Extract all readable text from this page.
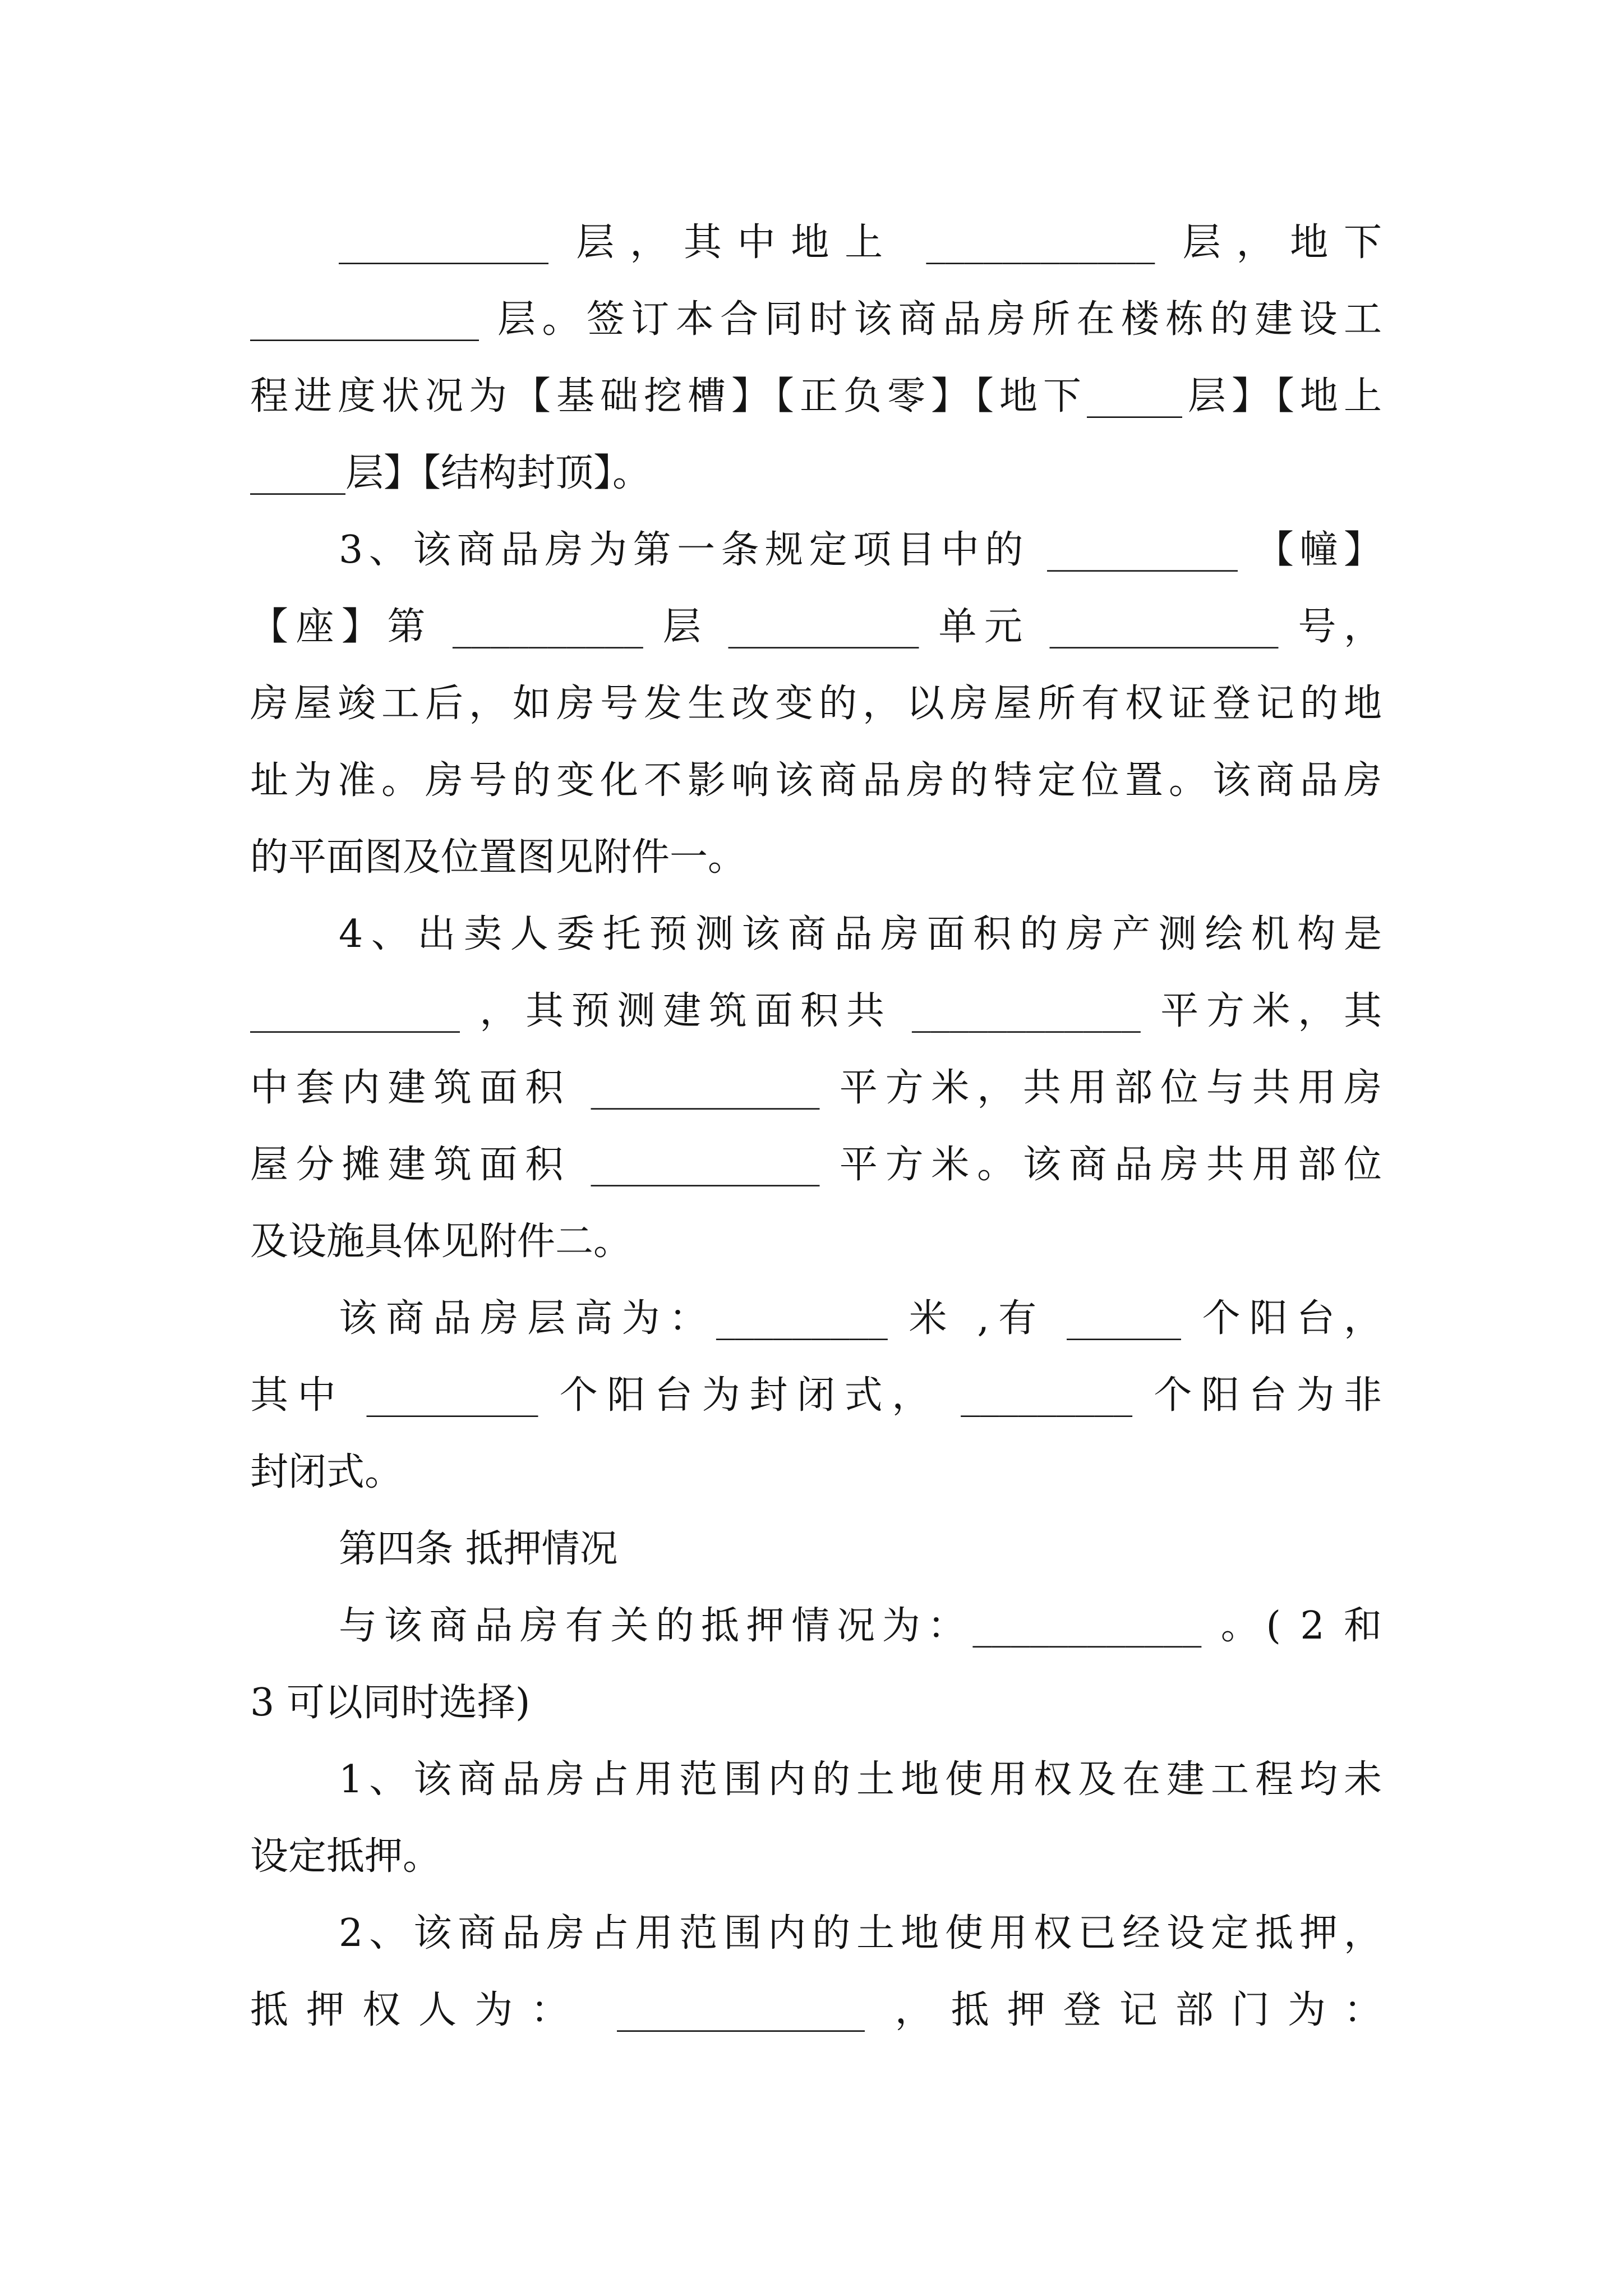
___________ 层，其中地上 ____________ 层，地下
____________ 层。签订本合同时该商品房所在楼栋的建设工
程进度状况为【基础挖槽】【正负零】【地下_____层】【地上
_____层】【结构封顶】。
3、该商品房为第一条规定项目中的 __________ 【幢】
【座】第 __________ 层 __________ 单元 ____________ 号，
房屋竣工后，如房号发生改变的，以房屋所有权证登记的地
址为准。房号的变化不影响该商品房的特定位置。该商品房
的平面图及位置图见附件一。
4、出卖人委托预测该商品房面积的房产测绘机构是
___________ ，其预测建筑面积共 ____________ 平方米，其
中套内建筑面积 ____________ 平方米，共用部位与共用房
屋分摊建筑面积 ____________ 平方米。该商品房共用部位
及设施具体见附件二。
该商品房层高为：_________ 米 ,有 ______ 个阳台，
其中 _________ 个阳台为封闭式， _________ 个阳台为非
封闭式。
第四条 抵押情况
与该商品房有关的抵押情况为：____________ 。( 2 和
3 可以同时选择)
1、该商品房占用范围内的土地使用权及在建工程均未
设定抵押。
2、该商品房占用范围内的土地使用权已经设定抵押，
抵押权人为： _____________ ，抵押登记部门为：
